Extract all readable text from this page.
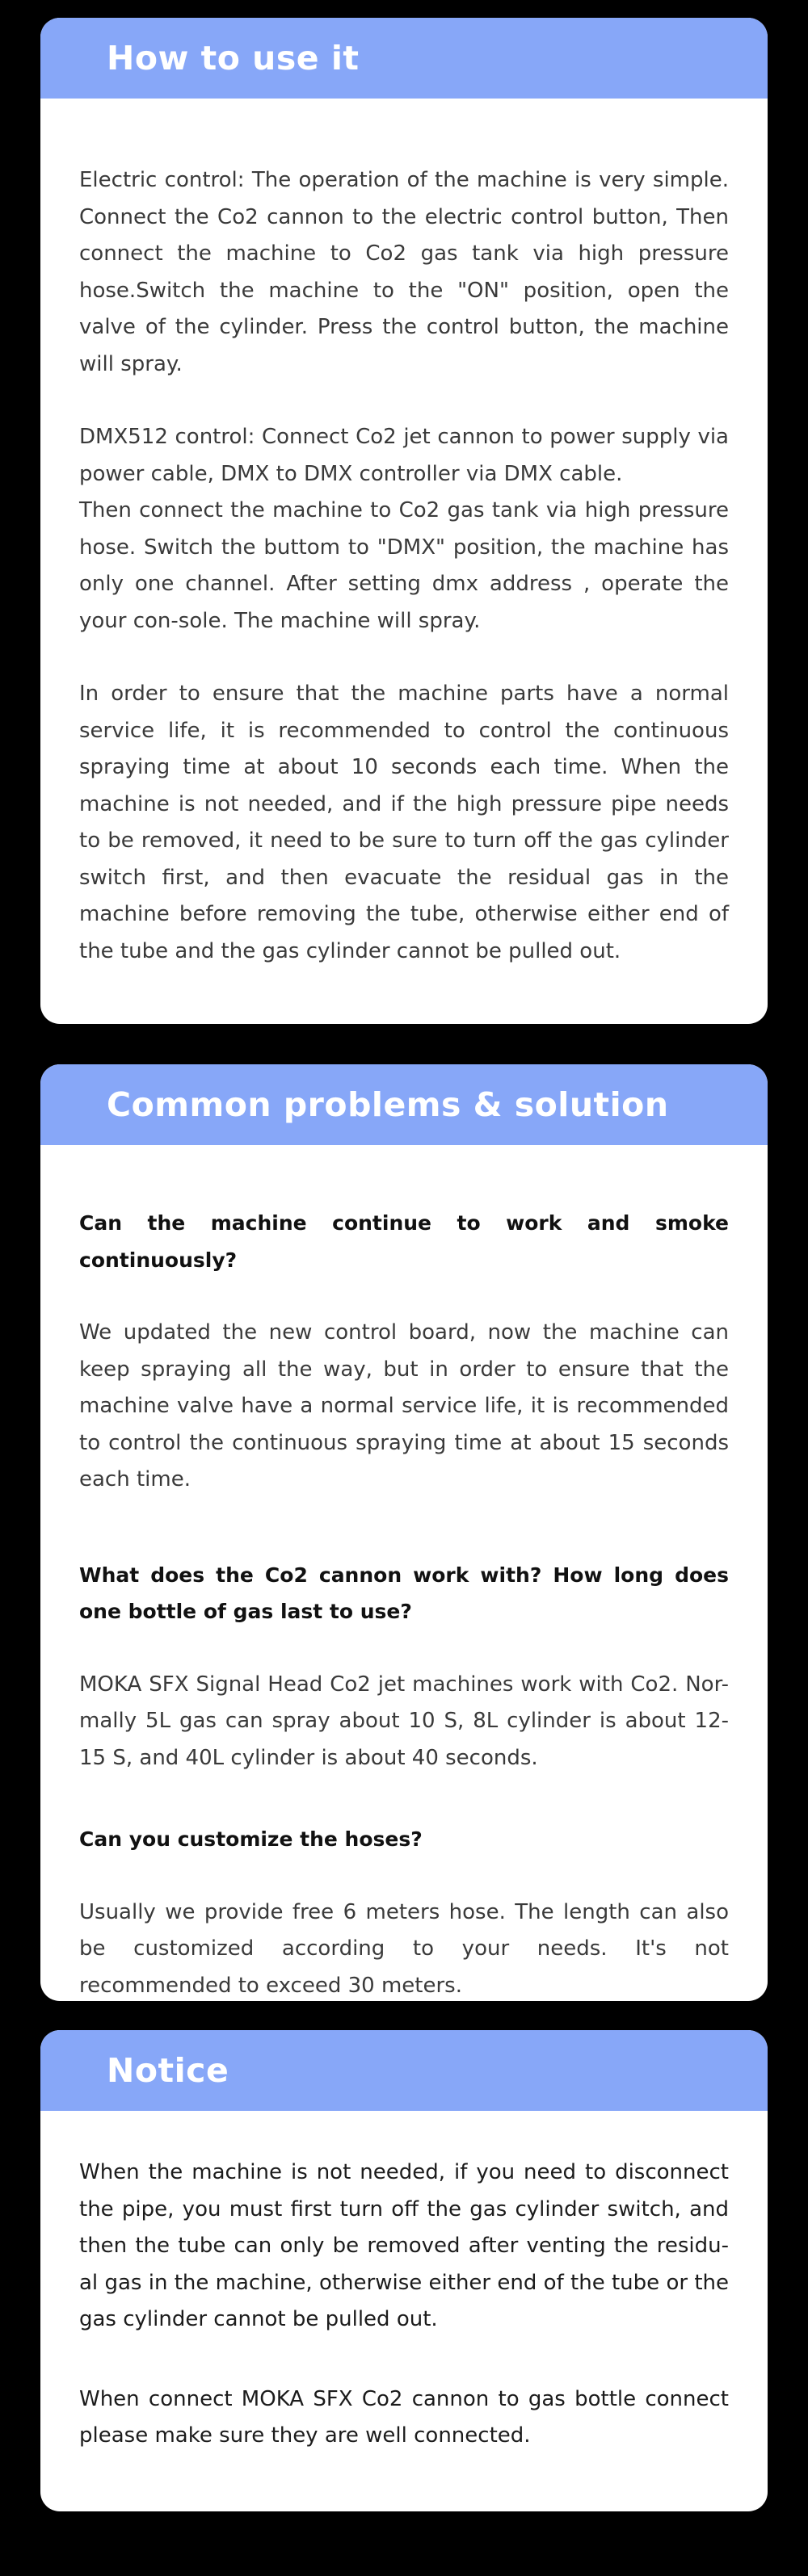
How to use it

Electric control: The operation of the machine is very simple. Connect the Co2 cannon to the electric control button, Then connect the machine to Co2 gas tank via high pressure hose.Switch the machine to the "ON" position, open the valve of the cylinder. Press the control button, the machine will spray.

DMX512 control: Connect Co2 jet cannon to power supply via power cable, DMX to DMX controller via DMX cable.

Then connect the machine to Co2 gas tank via high pressure hose. Switch the buttom to "DMX" position, the machine has only one channel. After setting dmx address , operate the your con-sole. The machine will spray.

In order to ensure that the machine parts have a normal service life, it is recommended to control the continuous spraying time at about 10 seconds each time. When the machine is not needed, and if the high pressure pipe needs to be removed, it need to be sure to turn off the gas cylinder switch first, and then evacuate the residual gas in the machine before removing the tube, otherwise either end of the tube and the gas cylinder cannot be pulled out.

Common problems & solution

Can the machine continue to work and smoke continuously?

We updated the new control board, now the machine can keep spraying all the way, but in order to ensure that the machine valve have a normal service life, it is recommended to control the continuous spraying time at about 15 seconds each time.

What does the Co2 cannon work with? How long does one bottle of gas last to use?

MOKA SFX Signal Head Co2 jet machines work with Co2. Nor-mally 5L gas can spray about 10 S, 8L cylinder is about 12-15 S, and 40L cylinder is about 40 seconds.

Can you customize the hoses?

Usually we provide free 6 meters hose. The length can also be customized according to your needs. It's not recommended to exceed 30 meters.

Notice

When the machine is not needed, if you need to disconnect the pipe, you must first turn off the gas cylinder switch, and then the tube can only be removed after venting the residu-al gas in the machine, otherwise either end of the tube or the gas cylinder cannot be pulled out.

When connect MOKA SFX Co2 cannon to gas bottle connect please make sure they are well connected.
